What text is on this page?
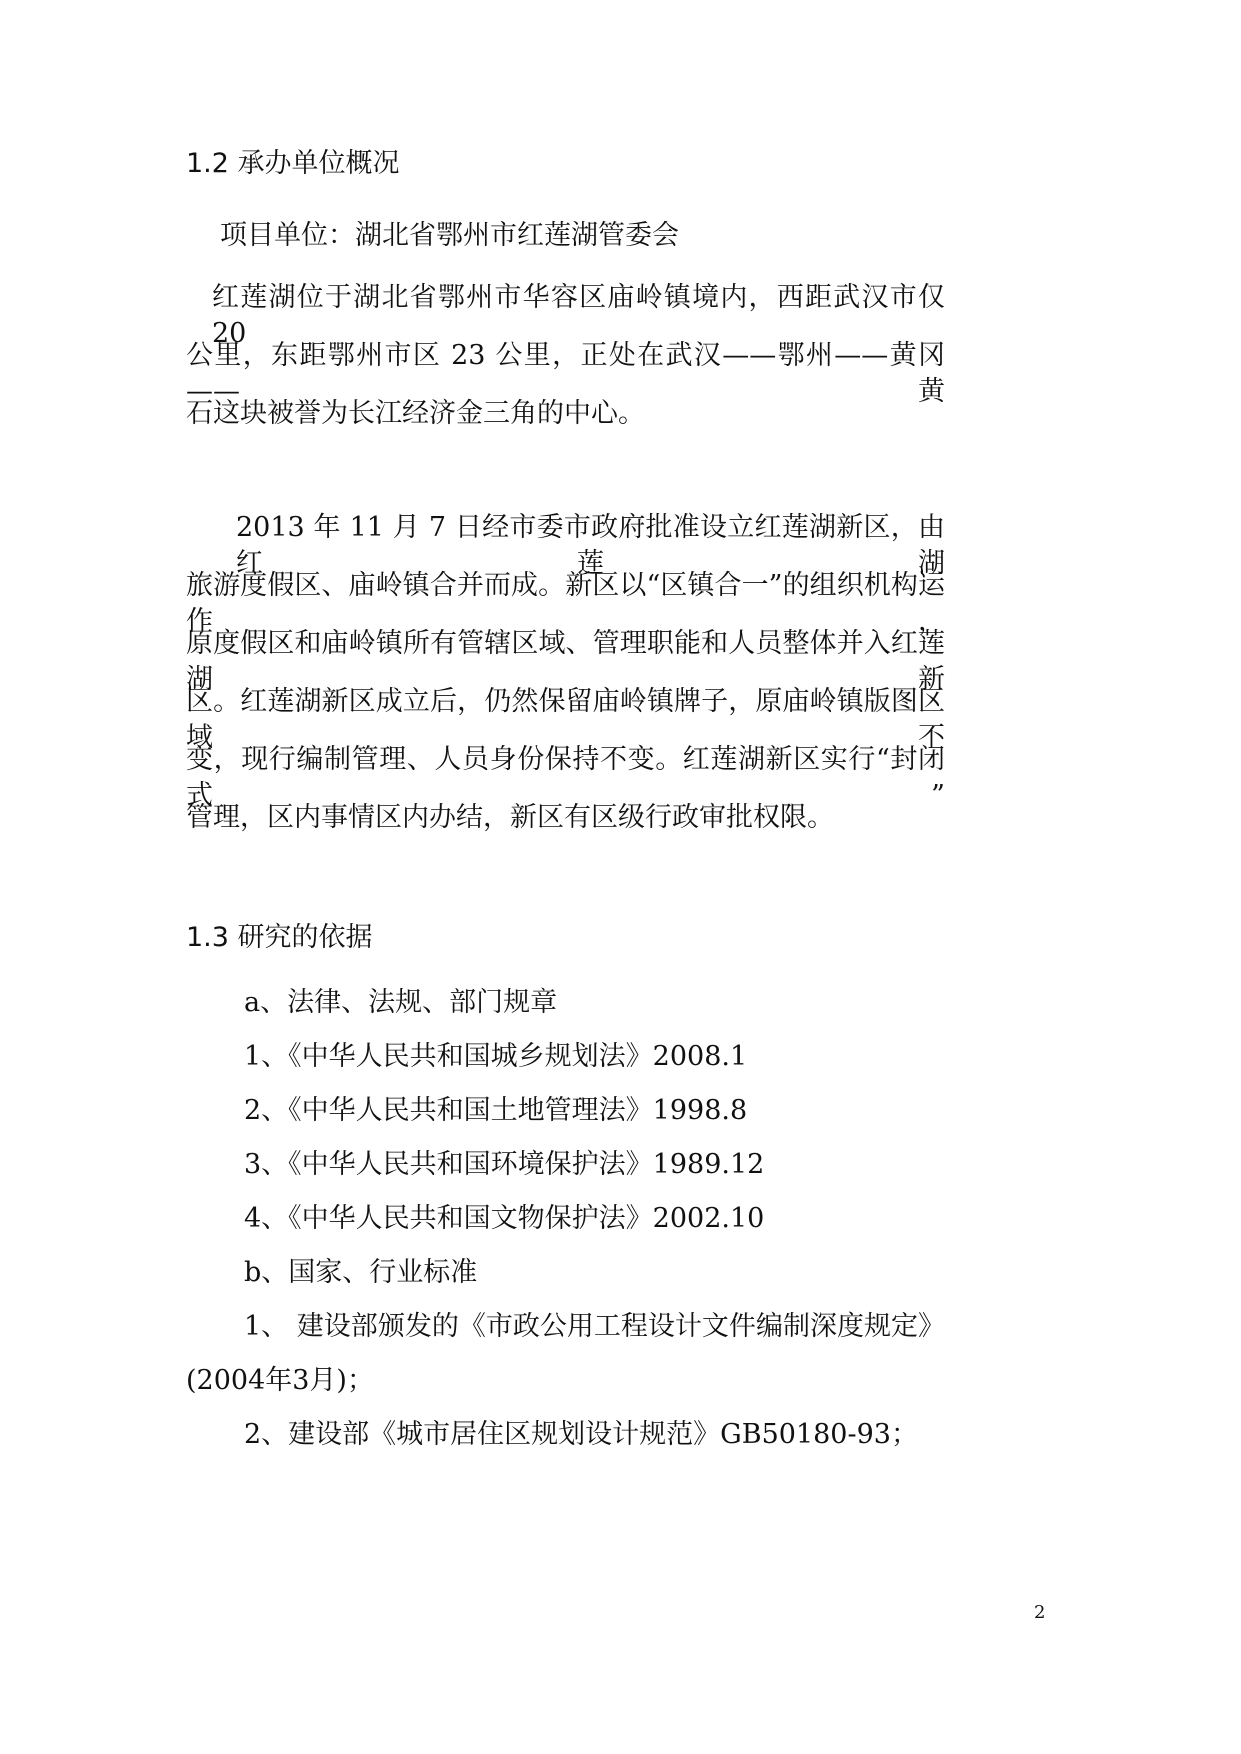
1.2 承办单位概况
项目单位：湖北省鄂州市红莲湖管委会
红莲湖位于湖北省鄂州市华容区庙岭镇境内，西距武汉市仅 20
公里，东距鄂州市区 23 公里，正处在武汉——鄂州——黄冈——黄
石这块被誉为长江经济金三角的中心。
2013 年 11 月 7 日经市委市政府批准设立红莲湖新区，由红莲湖
旅游度假区、庙岭镇合并而成。新区以“区镇合一”的组织机构运作，
原度假区和庙岭镇所有管辖区域、管理职能和人员整体并入红莲湖新
区。红莲湖新区成立后，仍然保留庙岭镇牌子，原庙岭镇版图区域不
变，现行编制管理、人员身份保持不变。红莲湖新区实行“封闭式”
管理，区内事情区内办结，新区有区级行政审批权限。
1.3 研究的依据
a、法律、法规、部门规章
1、《中华人民共和国城乡规划法》2008.1
2、《中华人民共和国土地管理法》1998.8
3、《中华人民共和国环境保护法》1989.12
4、《中华人民共和国文物保护法》2002.10
b、国家、行业标准
1、 建设部颁发的《市政公用工程设计文件编制深度规定》
(2004年3月)；
2、建设部《城市居住区规划设计规范》GB50180-93；
2
